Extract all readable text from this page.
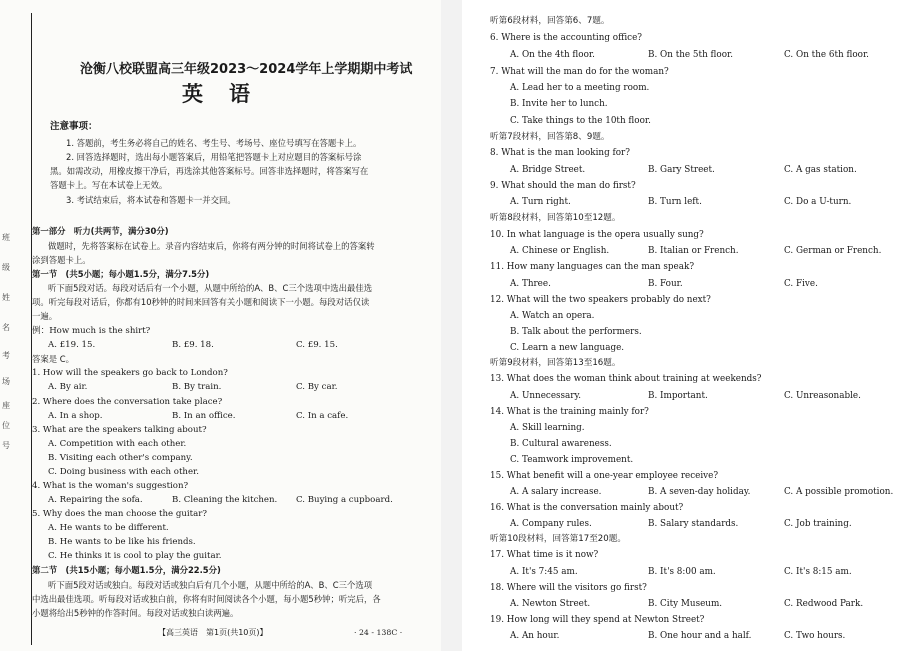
班
级
姓
名
考
场
座
位
号
沧衡八校联盟高三年级2023～2024学年上学期期中考试
英语
注意事项：
1. 答题前，考生务必将自己的姓名、考生号、考场号、座位号填写在答题卡上。
2. 回答选择题时，选出每小题答案后，用铅笔把答题卡上对应题目的答案标号涂
黑。如需改动，用橡皮擦干净后，再选涂其他答案标号。回答非选择题时，将答案写在
答题卡上。写在本试卷上无效。
3. 考试结束后，将本试卷和答题卡一并交回。
第一部分　听力(共两节，满分30分)
做题时，先将答案标在试卷上。录音内容结束后，你将有两分钟的时间将试卷上的答案转
涂到答题卡上。
第一节　(共5小题；每小题1.5分，满分7.5分)
听下面5段对话。每段对话后有一个小题，从题中所给的A、B、C三个选项中选出最佳选
项。听完每段对话后，你都有10秒钟的时间来回答有关小题和阅读下一小题。每段对话仅读
一遍。
例：How much is the shirt?
A. £19. 15.	B. £9. 18.	C. £9. 15.
答案是 C。
1. How will the speakers go back to London?
A. By air.	B. By train.	C. By car.
2. Where does the conversation take place?
A. In a shop.	B. In an office.	C. In a cafe.
3. What are the speakers talking about?
A. Competition with each other.
B. Visiting each other's company.
C. Doing business with each other.
4. What is the woman's suggestion?
A. Repairing the sofa.	B. Cleaning the kitchen. C. Buying a cupboard.
5. Why does the man choose the guitar?
A. He wants to be different.
B. He wants to be like his friends.
C. He thinks it is cool to play the guitar.
第二节　(共15小题；每小题1.5分，满分22.5分)
听下面5段对话或独白。每段对话或独白后有几个小题，从题中所给的A、B、C三个选项
中选出最佳选项。听每段对话或独白前，你将有时间阅读各个小题，每小题5秒钟；听完后，各
小题将给出5秒钟的作答时间。每段对话或独白读两遍。
【高三英语　第1页(共10页)】	· 24 - 138C ·
听第6段材料，回答第6、7题。
6. Where is the accounting office?
A. On the 4th floor.	B. On the 5th floor.	C. On the 6th floor.
7. What will the man do for the woman?
A. Lead her to a meeting room.
B. Invite her to lunch.
C. Take things to the 10th floor.
听第7段材料，回答第8、9题。
8. What is the man looking for?
A. Bridge Street.	B. Gary Street.	C. A gas station.
9. What should the man do first?
A. Turn right.	B. Turn left.	C. Do a U-turn.
听第8段材料，回答第10至12题。
10. In what language is the opera usually sung?
A. Chinese or English.	B. Italian or French.	C. German or French.
11. How many languages can the man speak?
A. Three.	B. Four.	C. Five.
12. What will the two speakers probably do next?
A. Watch an opera.
B. Talk about the performers.
C. Learn a new language.
听第9段材料，回答第13至16题。
13. What does the woman think about training at weekends?
A. Unnecessary.	B. Important.	C. Unreasonable.
14. What is the training mainly for?
A. Skill learning.
B. Cultural awareness.
C. Teamwork improvement.
15. What benefit will a one-year employee receive?
A. A salary increase.	B. A seven-day holiday.	C. A possible promotion.
16. What is the conversation mainly about?
A. Company rules.	B. Salary standards.	C. Job training.
听第10段材料，回答第17至20题。
17. What time is it now?
A. It's 7:45 am.	B. It's 8:00 am.	C. It's 8:15 am.
18. Where will the visitors go first?
A. Newton Street.	B. City Museum.	C. Redwood Park.
19. How long will they spend at Newton Street?
A. An hour.	B. One hour and a half.	C. Two hours.
